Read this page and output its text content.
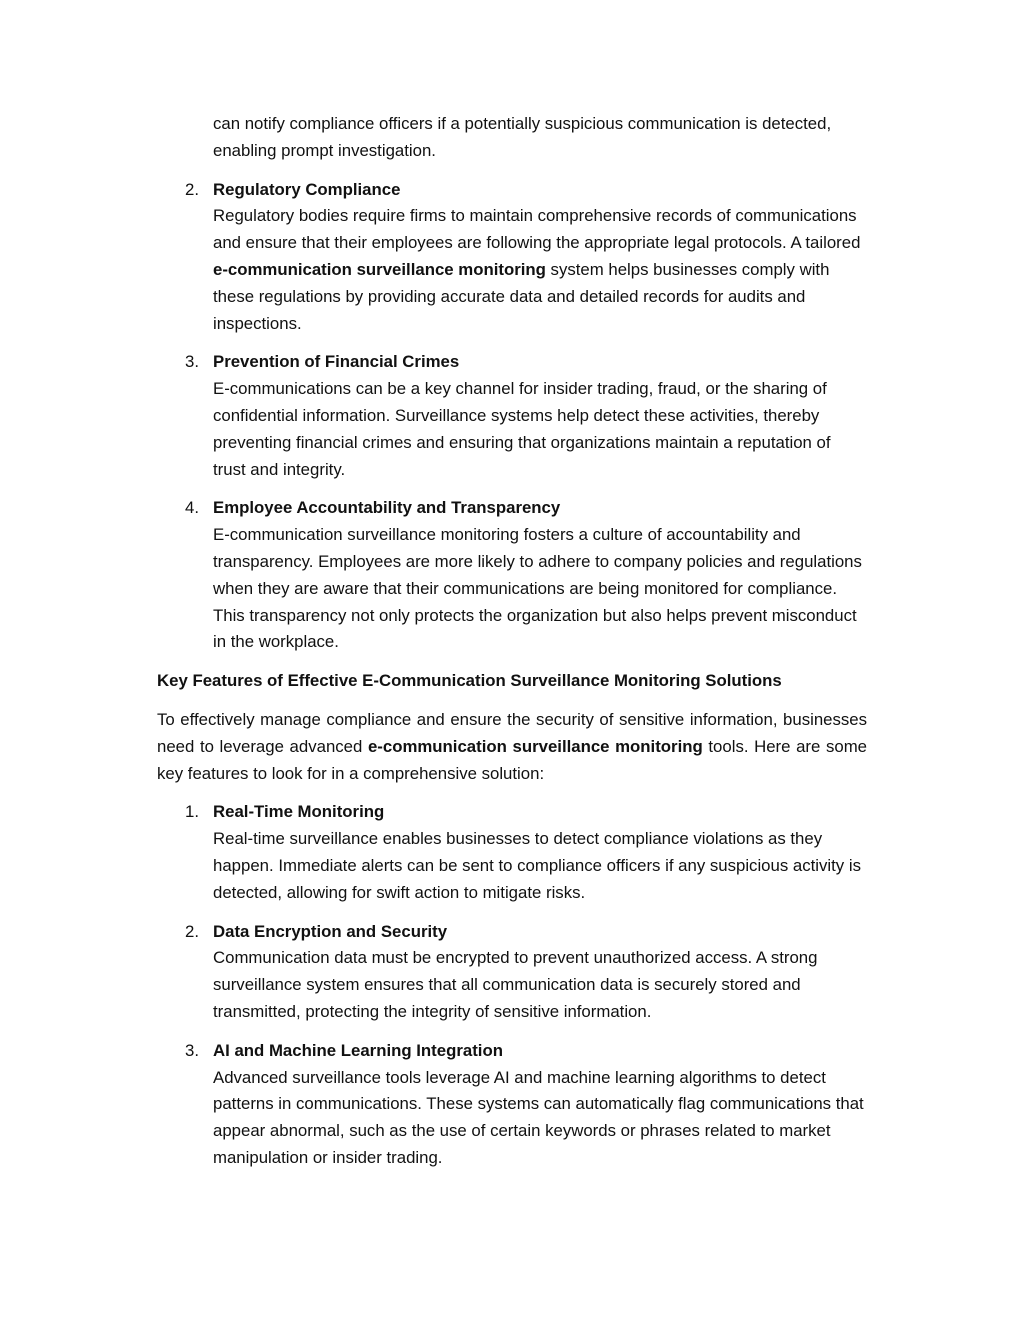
can notify compliance officers if a potentially suspicious communication is detected, enabling prompt investigation.
2. Regulatory Compliance
Regulatory bodies require firms to maintain comprehensive records of communications and ensure that their employees are following the appropriate legal protocols. A tailored e-communication surveillance monitoring system helps businesses comply with these regulations by providing accurate data and detailed records for audits and inspections.
3. Prevention of Financial Crimes
E-communications can be a key channel for insider trading, fraud, or the sharing of confidential information. Surveillance systems help detect these activities, thereby preventing financial crimes and ensuring that organizations maintain a reputation of trust and integrity.
4. Employee Accountability and Transparency
E-communication surveillance monitoring fosters a culture of accountability and transparency. Employees are more likely to adhere to company policies and regulations when they are aware that their communications are being monitored for compliance. This transparency not only protects the organization but also helps prevent misconduct in the workplace.
Key Features of Effective E-Communication Surveillance Monitoring Solutions
To effectively manage compliance and ensure the security of sensitive information, businesses need to leverage advanced e-communication surveillance monitoring tools. Here are some key features to look for in a comprehensive solution:
1. Real-Time Monitoring
Real-time surveillance enables businesses to detect compliance violations as they happen. Immediate alerts can be sent to compliance officers if any suspicious activity is detected, allowing for swift action to mitigate risks.
2. Data Encryption and Security
Communication data must be encrypted to prevent unauthorized access. A strong surveillance system ensures that all communication data is securely stored and transmitted, protecting the integrity of sensitive information.
3. AI and Machine Learning Integration
Advanced surveillance tools leverage AI and machine learning algorithms to detect patterns in communications. These systems can automatically flag communications that appear abnormal, such as the use of certain keywords or phrases related to market manipulation or insider trading.
